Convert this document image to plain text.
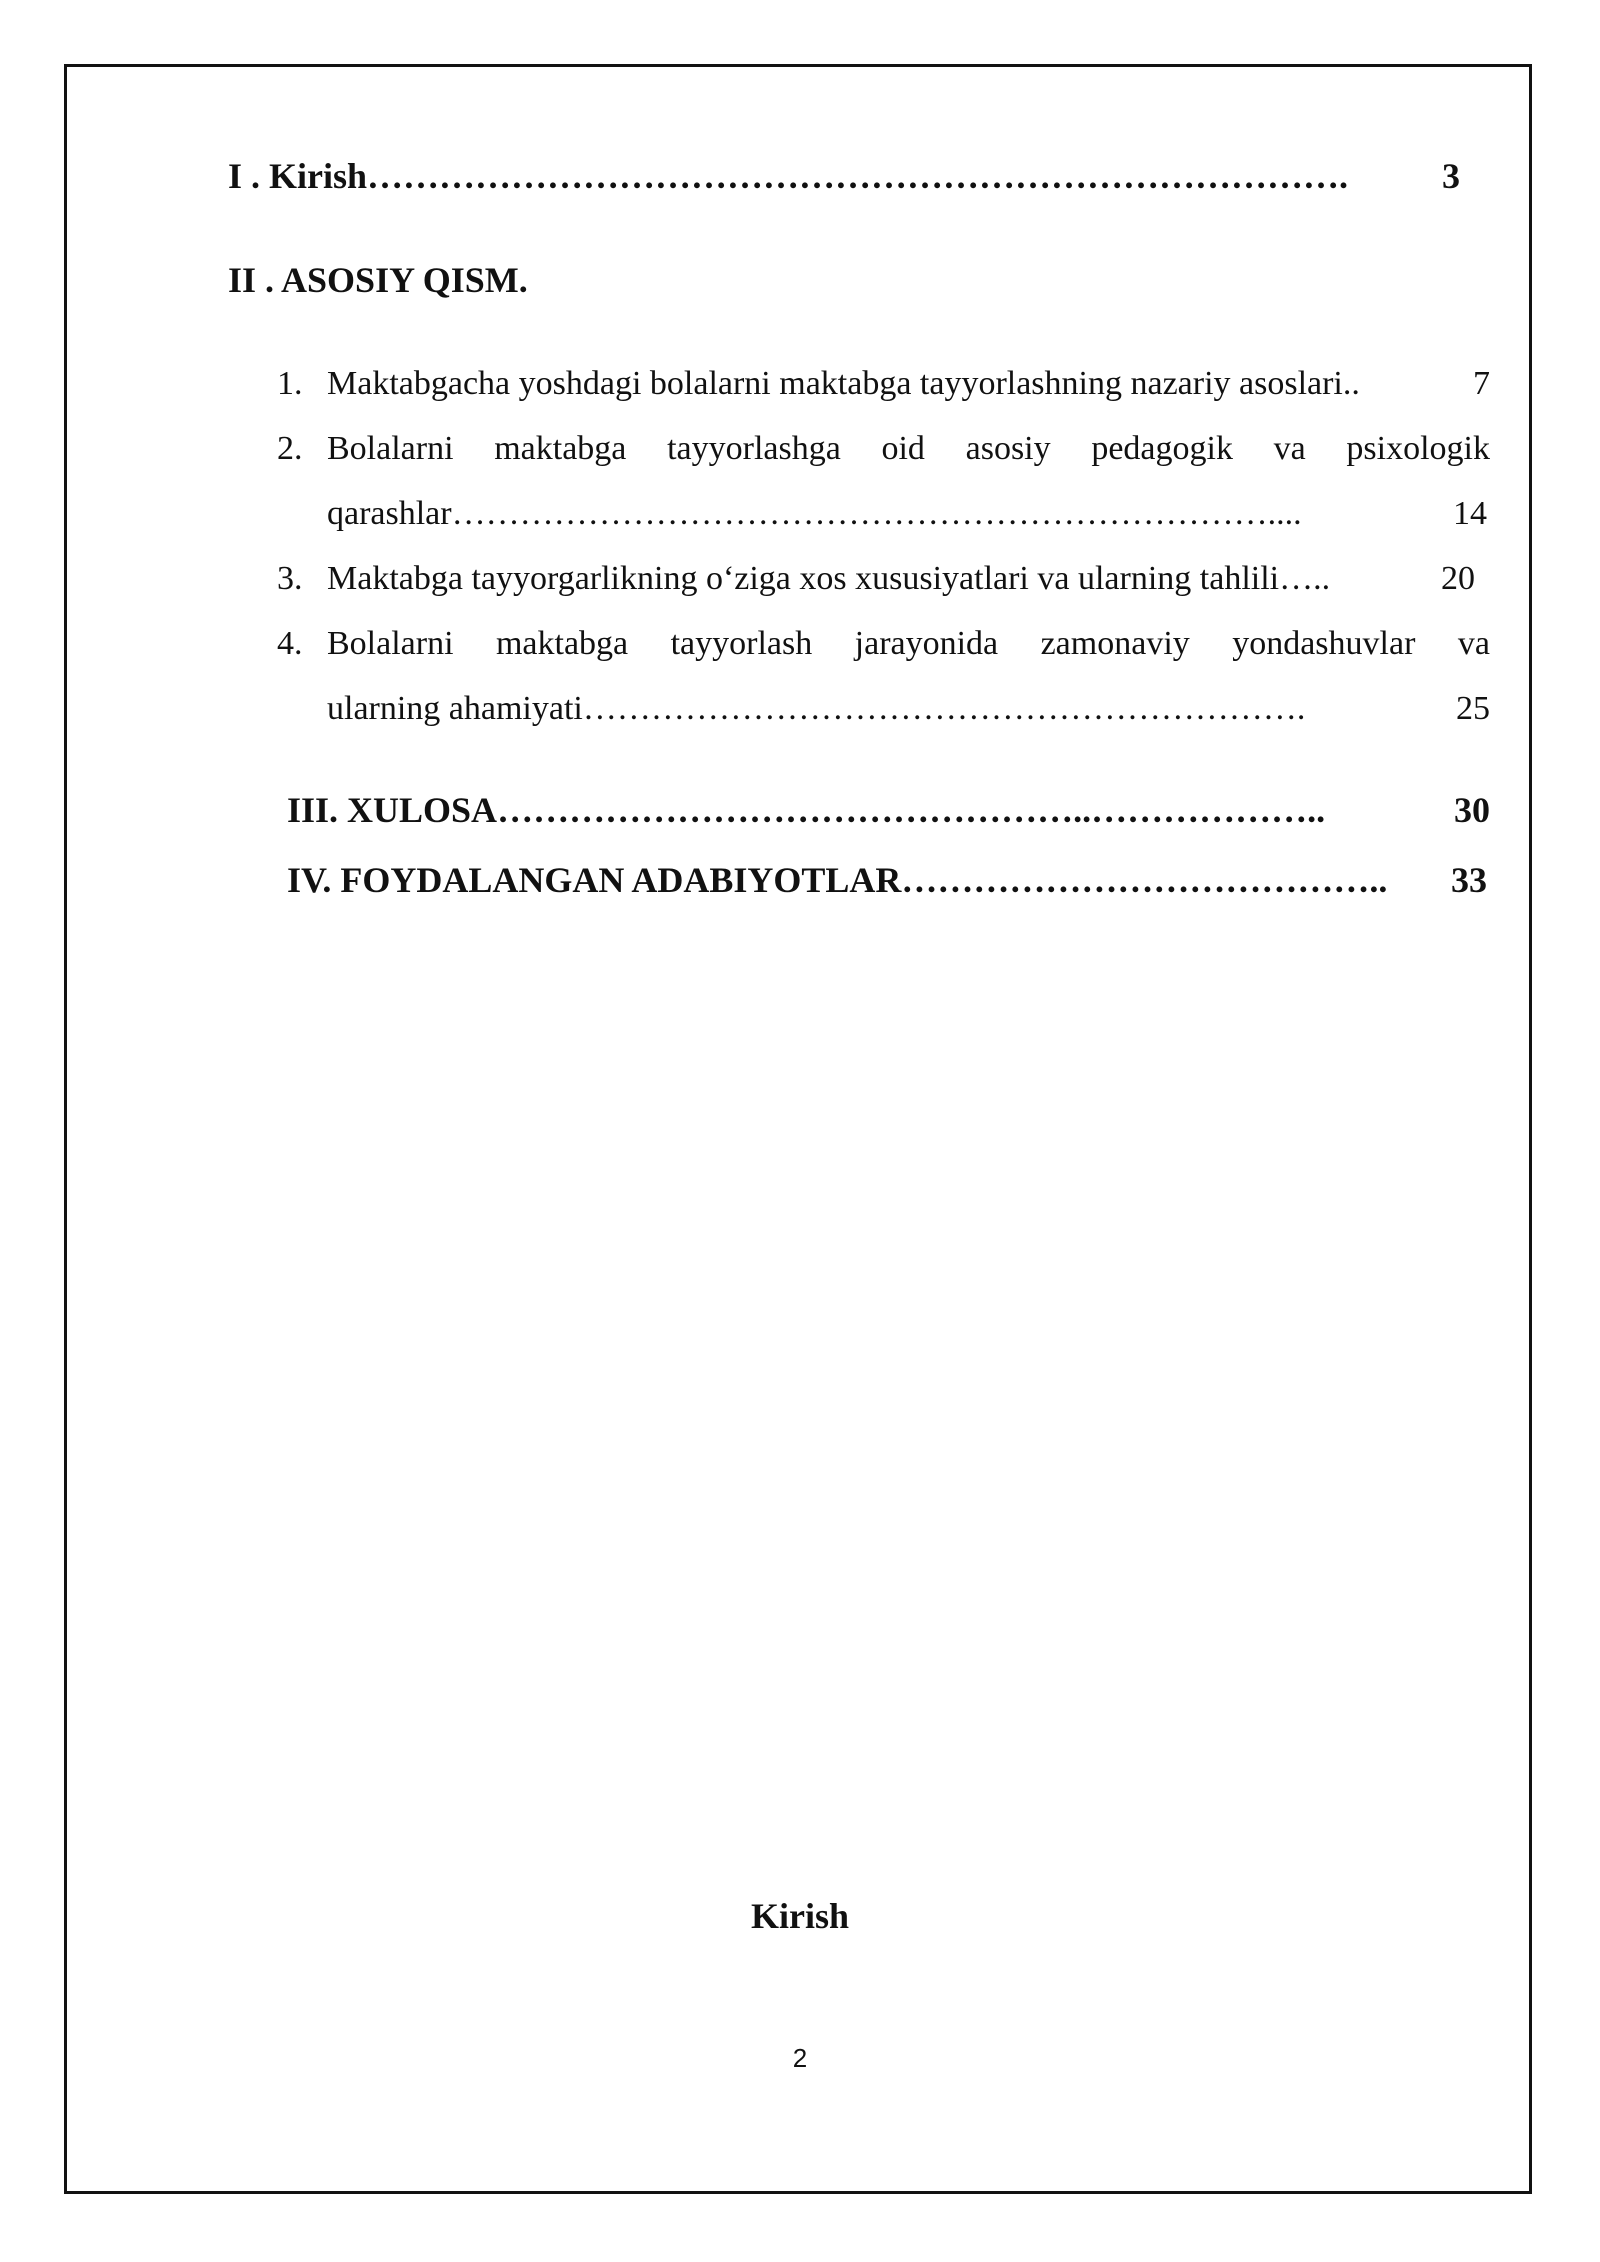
I . Kirish ……………………………………………………………………….	3
II . ASOSIY QISM.
1. Maktabgacha yoshdagi bolalarni maktabga tayyorlashning nazariy asoslari..	7
2. Bolalarni maktabga tayyorlashga oid asosiy pedagogik va psixologik
qarashlar ………………………………………………………………....	14
3. Maktabga tayyorgarlikning o‘ziga xos xususiyatlari va ularning tahlili…..	20
4. Bolalarni maktabga tayyorlash jarayonida zamonaviy yondashuvlar va
ularning ahamiyati ……………………………………………………….	25
III. XULOSA …………………………………………..………………..	30
IV. FOYDALANGAN ADABIYOTLAR …………………………………..	33
Kirish
2
